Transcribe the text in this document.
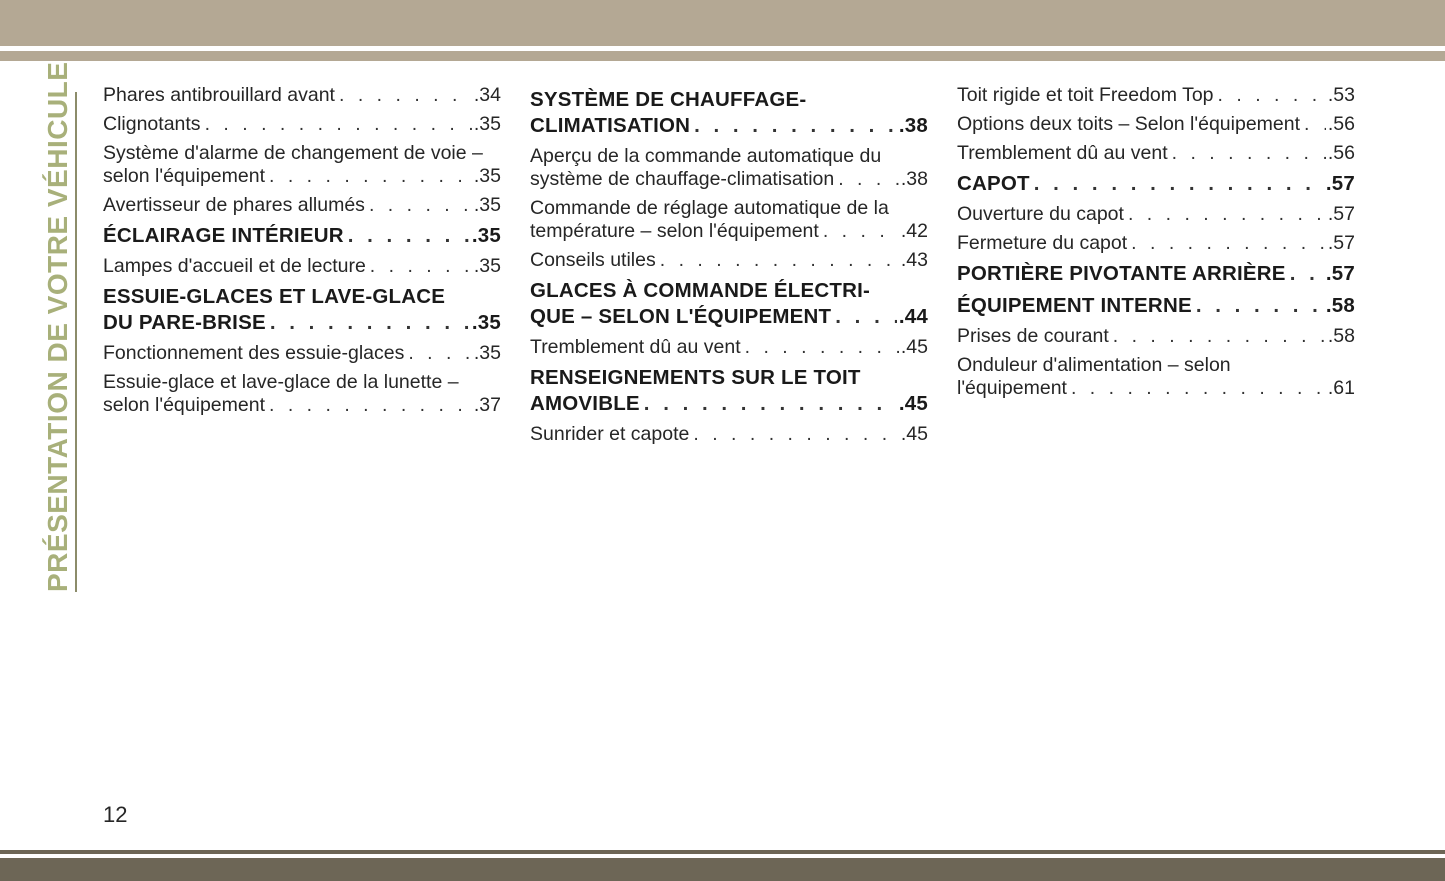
PRÉSENTATION DE VOTRE VÉHICULE Phares antibrouillard avant . . .	.34
Clignotants . . .	.35
Système d'alarme de changement de voie –
selon l'équipement . . .	.35
Avertisseur de phares allumés . . .	.35
ÉCLAIRAGE INTÉRIEUR . . .	.35
Lampes d'accueil et de lecture . . .	.35
ESSUIE-GLACES ET LAVE-GLACE
DU PARE-BRISE . . .	.35
Fonctionnement des essuie-glaces . . .	.35
Essuie-glace et lave-glace de la lunette –
selon l'équipement . . .	.37
SYSTÈME DE CHAUFFAGE-
CLIMATISATION . . .	.38
Aperçu de la commande automatique du
système de chauffage-climatisation . . .	.38
Commande de réglage automatique de la
température – selon l'équipement . . .	.42
Conseils utiles . . .	.43
GLACES À COMMANDE ÉLECTRI-
QUE – SELON L'ÉQUIPEMENT . . .	.44
Tremblement dû au vent . . .	.45
RENSEIGNEMENTS SUR LE TOIT
AMOVIBLE . . .	.45
Sunrider et capote . . .	.45
Toit rigide et toit Freedom Top . . .	.53
Options deux toits – Selon l'équipement . . . .56
Tremblement dû au vent . . .	.56
CAPOT . . .	.57
Ouverture du capot . . .	.57
Fermeture du capot . . .	.57
PORTIÈRE PIVOTANTE ARRIÈRE . . . .57
ÉQUIPEMENT INTERNE . . .	.58
Prises de courant . . .	.58
Onduleur d'alimentation – selon
l'équipement . . .	.61
12
